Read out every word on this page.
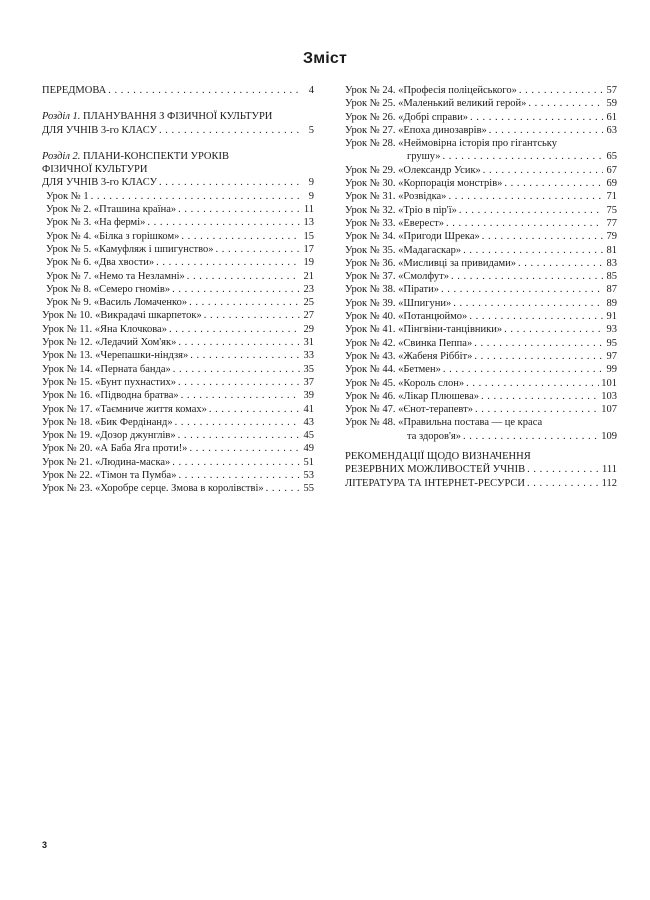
Зміст
ПЕРЕДМОВА . . .	4
Розділ 1. ПЛАНУВАННЯ З ФІЗИЧНОЇ КУЛЬТУРИ
ДЛЯ УЧНІВ 3-го КЛАСУ . . .	5
Розділ 2. ПЛАНИ-КОНСПЕКТИ УРОКІВ
ФІЗИЧНОЇ КУЛЬТУРИ
ДЛЯ УЧНІВ 3-го КЛАСУ . . .	9
Урок № 1 . . .	9
Урок № 2. «Пташина країна» . . .	11
Урок № 3. «На фермі» . . .	13
Урок № 4. «Білка з горішком» . . .	15
Урок № 5. «Камуфляж і шпигунство» . . .	17
Урок № 6. «Два хвости» . . .	19
Урок № 7. «Немо та Незламні» . . .	21
Урок № 8. «Семеро гномів» . . .	23
Урок № 9. «Василь Ломаченко» . . .	25
Урок № 10. «Викрадачі шкарпеток» . . .	27
Урок № 11. «Яна Клочкова» . . .	29
Урок № 12. «Ледачий Хом'як» . . .	31
Урок № 13. «Черепашки-ніндзя» . . .	33
Урок № 14. «Перната банда» . . .	35
Урок № 15. «Бунт пухнастих» . . .	37
Урок № 16. «Підводна братва» . . .	39
Урок № 17. «Таємниче життя комах» . . .	41
Урок № 18. «Бик Фердінанд» . . .	43
Урок № 19. «Дозор джунглів» . . .	45
Урок № 20. «А Баба Яга проти!» . . .	49
Урок № 21. «Людина-маска» . . .	51
Урок № 22. «Тімон та Пумба» . . .	53
Урок № 23. «Хоробре серце. Змова в королівстві» . . .	55
Урок № 24. «Професія поліцейського» . . .	57
Урок № 25. «Маленький великий герой» . . .	59
Урок № 26. «Добрі справи» . . .	61
Урок № 27. «Епоха динозаврів» . . .	63
Урок № 28. «Неймовірна історія про гігантську
грушу» . . .	65
Урок № 29. «Олександр Усик» . . .	67
Урок № 30. «Корпорація монстрів» . . .	69
Урок № 31. «Розвідка» . . .	71
Урок № 32. «Тріо в пір'ї» . . .	75
Урок № 33. «Еверест» . . .	77
Урок № 34. «Пригоди Шрека» . . .	79
Урок № 35. «Мадагаскар» . . .	81
Урок № 36. «Мисливці за привидами» . . .	83
Урок № 37. «Смолфут» . . .	85
Урок № 38. «Пірати» . . .	87
Урок № 39. «Шпигуни» . . .	89
Урок № 40. «Потанцюймо» . . .	91
Урок № 41. «Пінгвіни-танцівники» . . .	93
Урок № 42. «Свинка Пеппа» . . .	95
Урок № 43. «Жабеня Ріббіт» . . .	97
Урок № 44. «Бетмен» . . .	99
Урок № 45. «Король слон» . . .	101
Урок № 46. «Лікар Плюшева» . . .	103
Урок № 47. «Єнот-терапевт» . . .	107
Урок № 48. «Правильна постава — це краса
та здоров'я» . . .	109
РЕКОМЕНДАЦІЇ ЩОДО ВИЗНАЧЕННЯ
РЕЗЕРВНИХ МОЖЛИВОСТЕЙ УЧНІВ . . .	111
ЛІТЕРАТУРА ТА ІНТЕРНЕТ-РЕСУРСИ . . .	112
3
